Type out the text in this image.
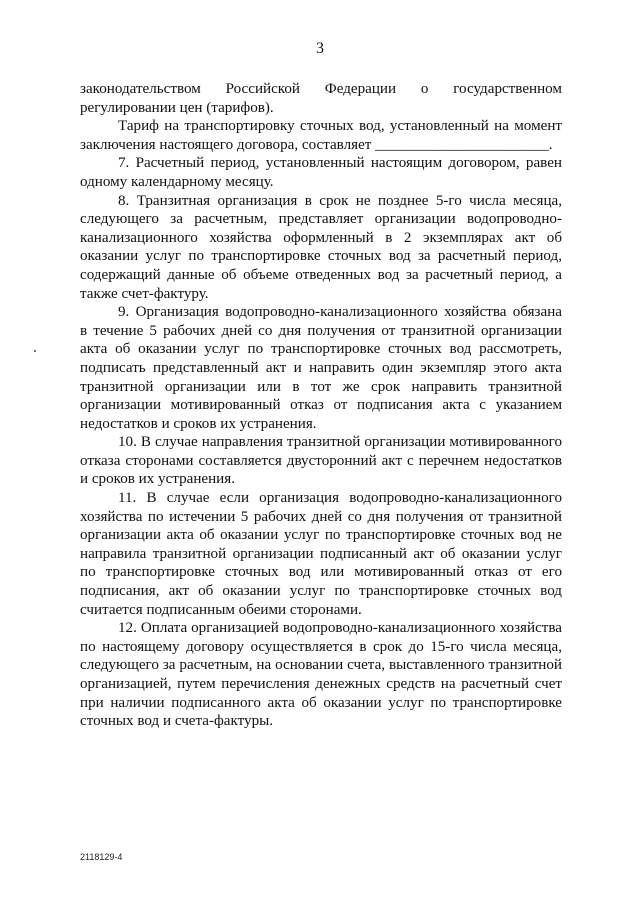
3

законодательством Российской Федерации о государственном регулировании цен (тарифов).

Тариф на транспортировку сточных вод, установленный на момент заключения настоящего договора, составляет _______________________.

7. Расчетный период, установленный настоящим договором, равен одному календарному месяцу.

8. Транзитная организация в срок не позднее 5-го числа месяца, следующего за расчетным, представляет организации водопроводно-канализационного хозяйства оформленный в 2 экземплярах акт об оказании услуг по транспортировке сточных вод за расчетный период, содержащий данные об объеме отведенных вод за расчетный период, а также счет-фактуру.

9. Организация водопроводно-канализационного хозяйства обязана в течение 5 рабочих дней со дня получения от транзитной организации акта об оказании услуг по транспортировке сточных вод рассмотреть, подписать представленный акт и направить один экземпляр этого акта транзитной организации или в тот же срок направить транзитной организации мотивированный отказ от подписания акта с указанием недостатков и сроков их устранения.

10. В случае направления транзитной организации мотивированного отказа сторонами составляется двусторонний акт с перечнем недостатков и сроков их устранения.

11. В случае если организация водопроводно-канализационного хозяйства по истечении 5 рабочих дней со дня получения от транзитной организации акта об оказании услуг по транспортировке сточных вод не направила транзитной организации подписанный акт об оказании услуг по транспортировке сточных вод или мотивированный отказ от его подписания, акт об оказании услуг по транспортировке сточных вод считается подписанным обеими сторонами.

12. Оплата организацией водопроводно-канализационного хозяйства по настоящему договору осуществляется в срок до 15-го числа месяца, следующего за расчетным, на основании счета, выставленного транзитной организацией, путем перечисления денежных средств на расчетный счет при наличии подписанного акта об оказании услуг по транспортировке сточных вод и счета-фактуры.

2118129-4
